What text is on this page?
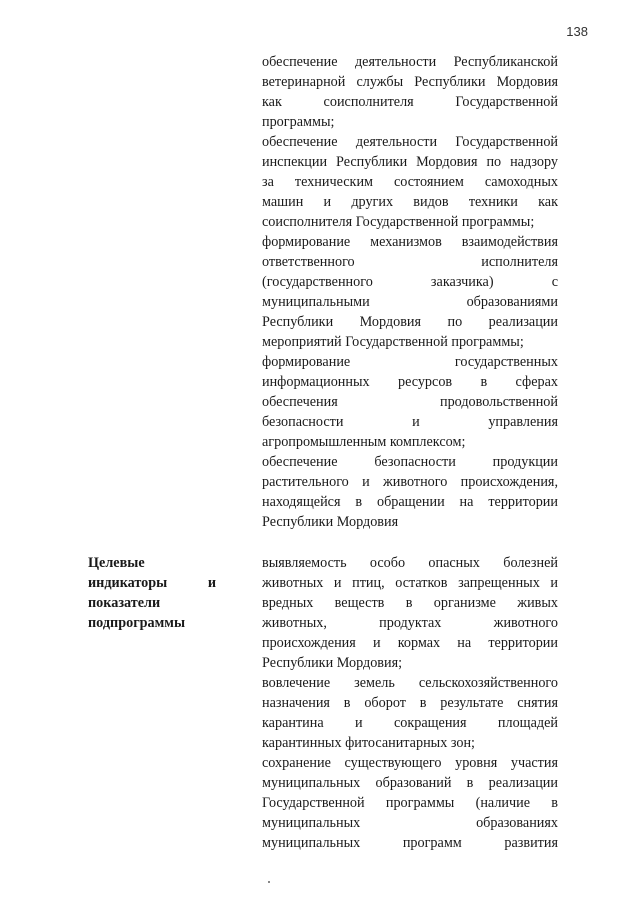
138
Целевые
индикаторы и
показатели
подпрограммы
обеспечение деятельности Республиканской
ветеринарной службы Республики Мордовия
как соисполнителя Государственной
программы;
обеспечение деятельности Государственной
инспекции Республики Мордовия по надзору
за техническим состоянием самоходных
машин и других видов техники как
соисполнителя Государственной программы;
формирование механизмов взаимодействия
ответственного исполнителя
(государственного заказчика) с
муниципальными образованиями
Республики Мордовия по реализации
мероприятий Государственной программы;
формирование государственных
информационных ресурсов в сферах
обеспечения продовольственной
безопасности и управления
агропромышленным комплексом;
обеспечение безопасности продукции
растительного и животного происхождения,
находящейся в обращении на территории
Республики Мордовия
выявляемость особо опасных болезней
животных и птиц, остатков запрещенных и
вредных веществ в организме живых
животных, продуктах животного
происхождения и кормах на территории
Республики Мордовия;
вовлечение земель сельскохозяйственного
назначения в оборот в результате снятия
карантина и сокращения площадей
карантинных фитосанитарных зон;
сохранение существующего уровня участия
муниципальных образований в реализации
Государственной программы (наличие в
муниципальных образованиях
муниципальных программ развития
